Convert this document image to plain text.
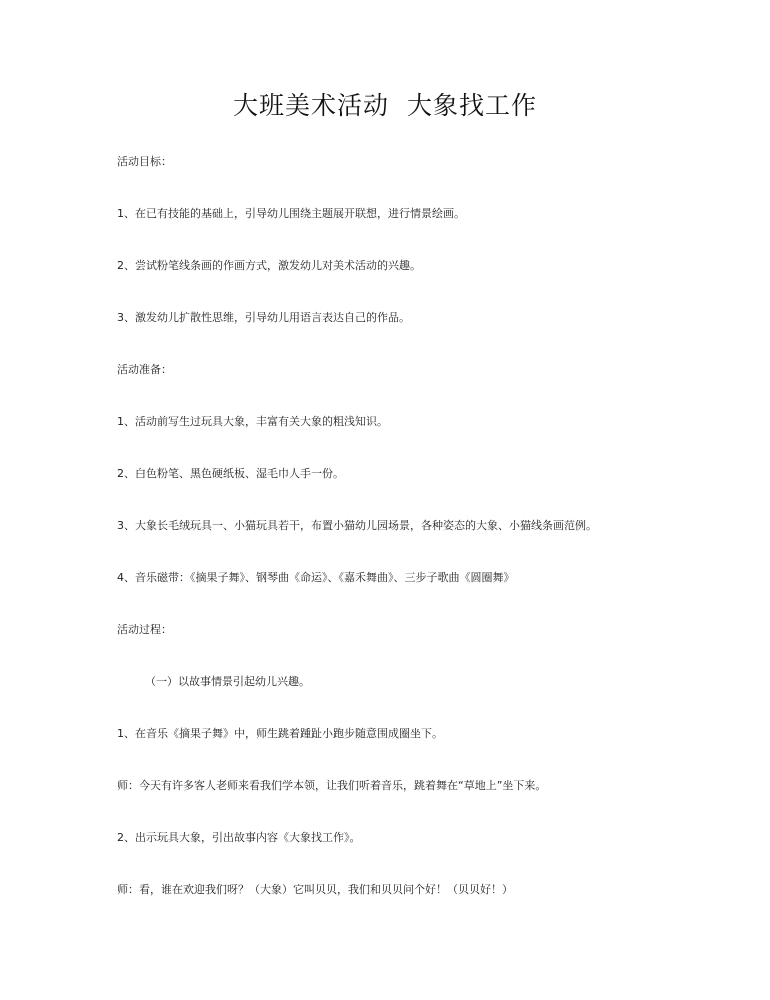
大班美术活动  大象找工作
活动目标：
1、在已有技能的基础上，引导幼儿围绕主题展开联想，进行情景绘画。
2、尝试粉笔线条画的作画方式，激发幼儿对美术活动的兴趣。
3、激发幼儿扩散性思维，引导幼儿用语言表达自己的作品。
活动准备：
1、活动前写生过玩具大象，丰富有关大象的粗浅知识。
2、白色粉笔、黑色硬纸板、湿毛巾人手一份。
3、大象长毛绒玩具一、小猫玩具若干，布置小猫幼儿园场景，各种姿态的大象、小猫线条画范例。
4、音乐磁带：《摘果子舞》、钢琴曲《命运》、《嘉禾舞曲》、三步子歌曲《圆圈舞》
活动过程：
（一）以故事情景引起幼儿兴趣。
1、在音乐《摘果子舞》中，师生跳着踵趾小跑步随意围成圈坐下。
师：今天有许多客人老师来看我们学本领，让我们听着音乐，跳着舞在“草地上”坐下来。
2、出示玩具大象，引出故事内容《大象找工作》。
师：看，谁在欢迎我们呀？（大象）它叫贝贝，我们和贝贝问个好！（贝贝好！）
